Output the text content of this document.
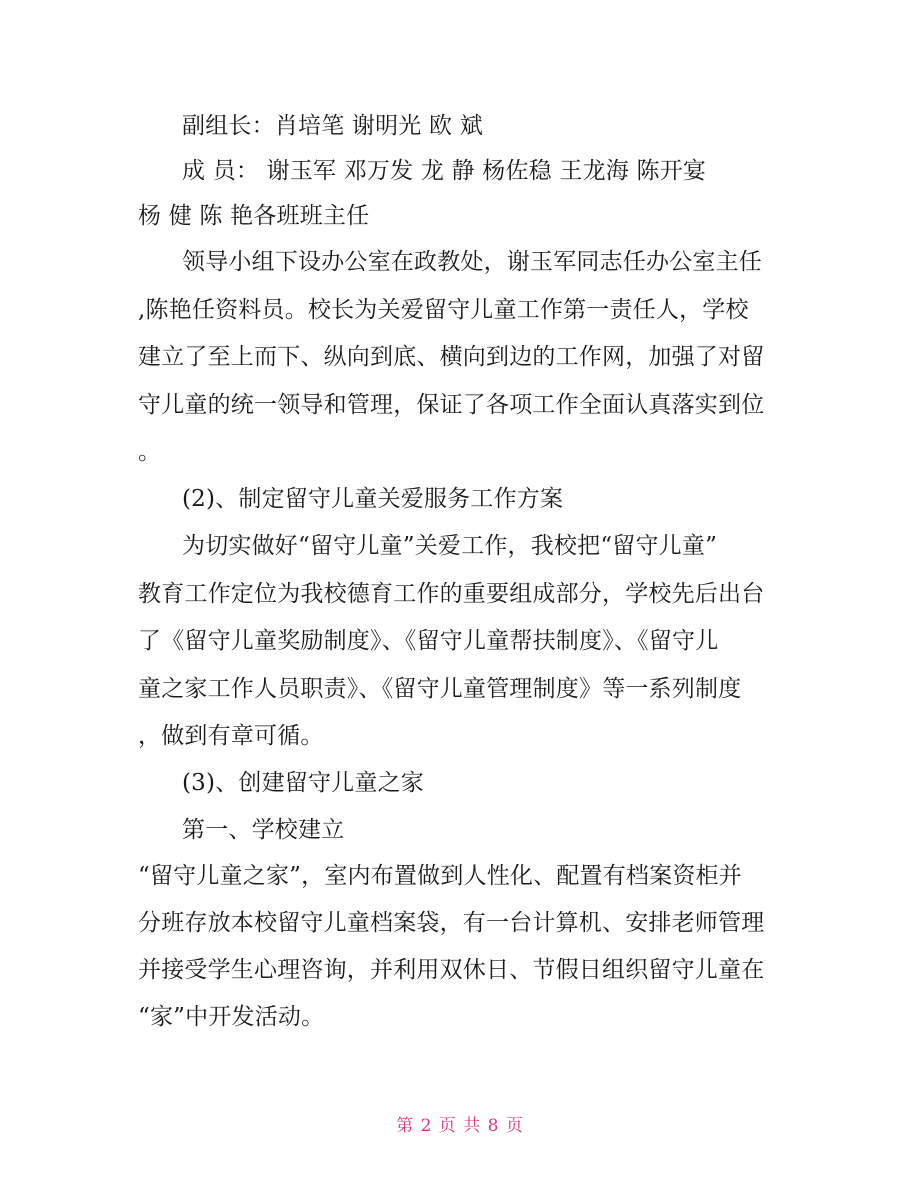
副组长：肖培笔 谢明光 欧 斌
成 员： 谢玉军 邓万发 龙 静 杨佐稳 王龙海 陈开宴
杨 健 陈 艳各班班主任
领导小组下设办公室在政教处，谢玉军同志任办公室主任
,陈艳任资料员。校长为关爱留守儿童工作第一责任人，学校
建立了至上而下、纵向到底、横向到边的工作网，加强了对留
守儿童的统一领导和管理，保证了各项工作全面认真落实到位
。
(2)、制定留守儿童关爱服务工作方案
为切实做好“留守儿童”关爱工作，我校把“留守儿童”
教育工作定位为我校德育工作的重要组成部分，学校先后出台
了《留守儿童奖励制度》、《留守儿童帮扶制度》、《留守儿
童之家工作人员职责》、《留守儿童管理制度》等一系列制度
，做到有章可循。
(3)、创建留守儿童之家
第一、学校建立
“留守儿童之家”，室内布置做到人性化、配置有档案资柜并
分班存放本校留守儿童档案袋，有一台计算机、安排老师管理
并接受学生心理咨询，并利用双休日、节假日组织留守儿童在
“家”中开发活动。
第 2 页 共 8 页
